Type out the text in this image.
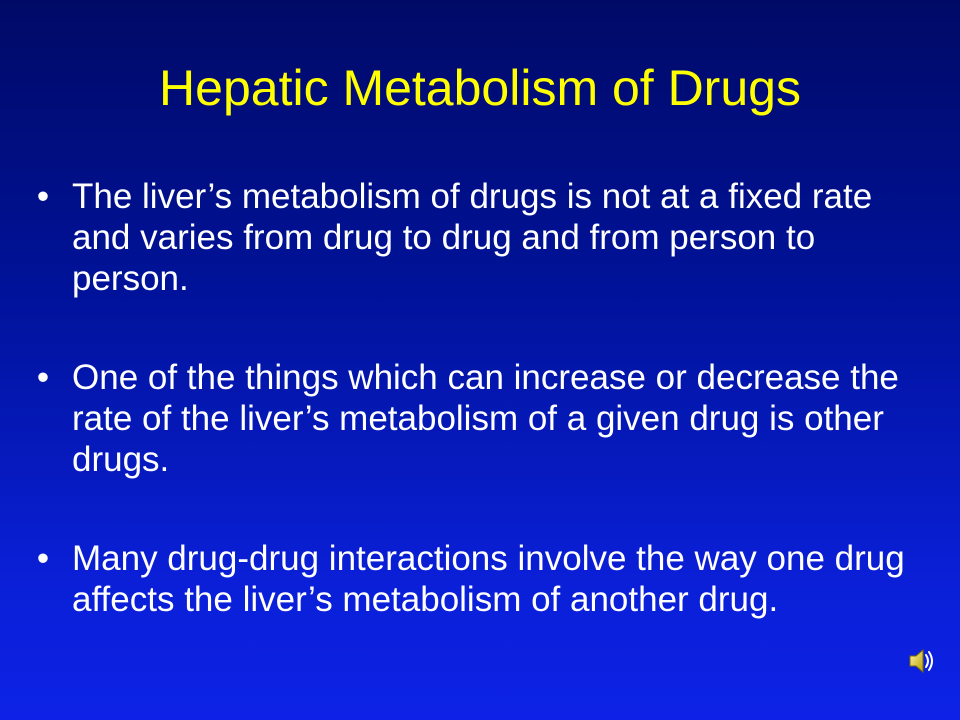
Hepatic Metabolism of Drugs
• The liver’s metabolism of drugs is not at a fixed rate and varies from drug to drug and from person to person.
• One of the things which can increase or decrease the rate of the liver’s metabolism of a given drug is other drugs.
• Many drug-drug interactions involve the way one drug affects the liver’s metabolism of another drug.
